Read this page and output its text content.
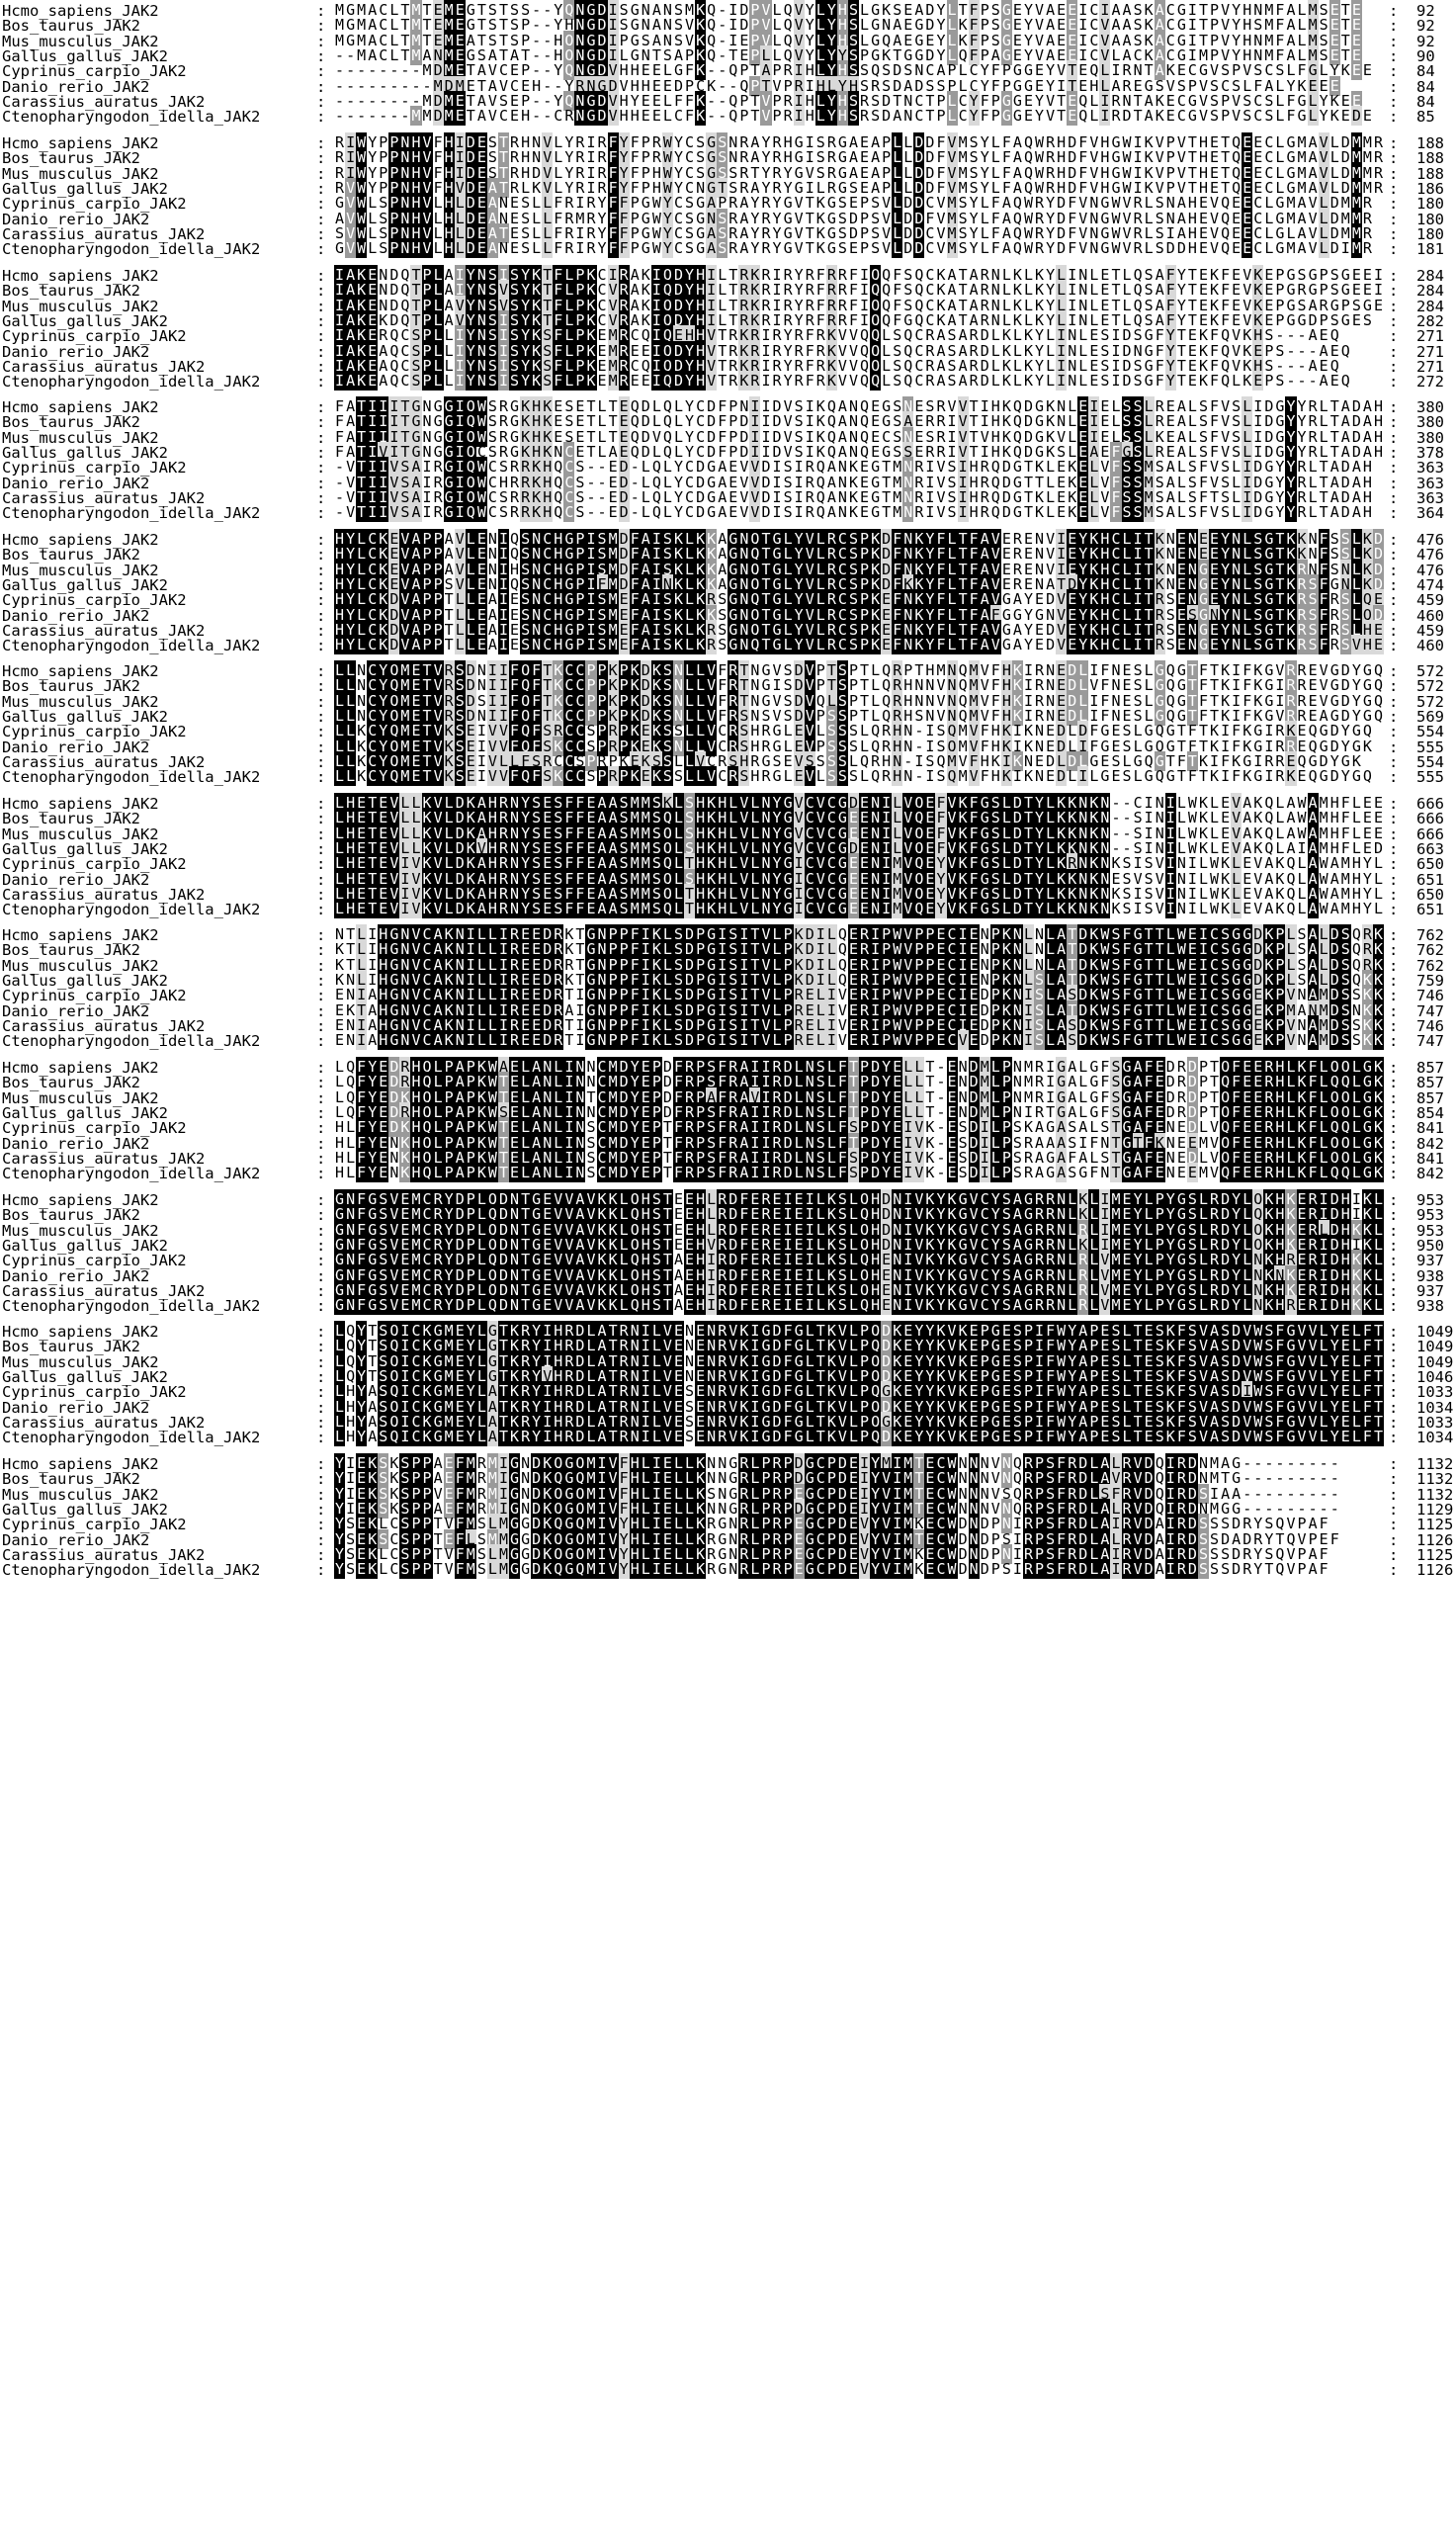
Hcmo_sapiens_JAK2	: M G M A C L T M T E M E G T S T S S - - Y Q N G D I S G N A N S M K Q - I D P V L Q V Y L Y H S L G K S E A D Y L T F P S G E Y V A E E I C I A A S K A C G I T P V Y H N M F A L M S E T E :  92
Bos_taurus_JAK2	: M G M A C L T M T E M E G T S T S P - - Y H N G D I S G N A N S V K Q - I D P V L Q V Y L Y H S L G N A E G D Y L K F P S G E Y V A E E I C V A A S K A C G I T P V Y H S M F A L M S E T E :  92
Mus_musculus_JAK2	: M G M A C L T M T E M E A T S T S P - - H Q N G D I P G S A N S V K Q - I E P V L Q V Y L Y H S L G Q A E G E Y L K F P S G E Y V A E E I C V A A S K A C G I T P V Y H N M F A L M S E T E :  92
Gallus_gallus_JAK2	: - - M A C L T M A N M E G S A T A T - - H Q N G D I L G N T S A P K Q - T E P L L Q V Y L Y Y S P G K T G G D Y L Q F P A G E Y V A E E I C V L A C K A C G I M P V Y H N M F A L M S E T E :  90
Cyprinus_carpio_JAK2	: - - - - - - - - M D M E T A V C E P - - Y Q N G D V H H E E L G F K - - Q P T A P R I H L Y H S S Q S D S N C A P L C Y F P G G E Y V T E Q L I R N T A K E C G V S P V S C S L F G L Y K E E :  84
Danio_rerio_JAK2	: - - - - - - - - - M D M E T A V C E H - - Y R N G D V H H E E D P C K - - Q P T V P R I H L Y H S R S D A D S S P L C Y F P G G E Y I T E H L A R E G S V S P V S C S L F A L Y K E E E	:  84
Carassius_auratus_JAK2	: - - - - - - - - M D M E T A V S E P - - Y Q N G D V H Y E E L F F K - - Q P T V P R I H L Y H S R S D T N C T P L C Y F P G G E Y V T E Q L I R N T A K E C G V S P V S C S L F G L Y K E E :  84
Ctenopharyngodon_idella_JAK2	: - - - - - - - M M D M E T A V C E H - - C R N G D V H H E E L C F K - - Q P T V P R I H L Y H S R S D A N C T P L C Y F P G G E Y V T E Q L I R D T A K E C G V S P V S C S L F G L Y K E D E :  85
Hcmo_sapiens_JAK2	: R I W Y P P N H V F H I D E S T R H N V L Y R I R F Y F P R W Y C S G S N R A Y R H G I S R G A E A P L L D D F V M S Y L F A Q W R H D F V H G W I K V P V T H E T Q E E C L G M A V L D M M R :  188
Bos_taurus_JAK2	: R I W Y P P N H V F H I D E S T R H N V L Y R I R F Y F P R W Y C S G S N R A Y R H G I S R G A E A P L L D D F V M S Y L F A Q W R H D F V H G W I K V P V T H E T Q E E C L G M A V L D M M R :  188
Mus_musculus_JAK2	: R I W Y P P N H V F H I D E S T R H D V L Y R I R F Y F P H W Y C S G S S R T Y R Y G V S R G A E A P L L D D F V M S Y L F A Q W R H D F V H G W I K V P V T H E T Q E E C L G M A V L D M M R :  188
Gallus_gallus_JAK2	: R V W Y P P N H V F H V D E A T R L K V L Y R I R F Y F P H W Y C N G T S R A Y R Y G I L R G S E A P L L D D F V M S Y L F A Q W R H D F V H G W I K V P V T H E T Q E E C L G M A V L D M M R :  186
Cyprinus_carpio_JAK2	: G V W L S P N H V L H L D E A N E S L L F R I R Y F F P G W Y C S G A P R A Y R Y G V T K G S E P S V L D D C V M S Y L F A Q W R Y D F V N G W V R L S N A H E V Q E E C L G M A V L D M M R :  180
Danio_rerio_JAK2	: A V W L S P N H V L H L D E A N E S L L F R M R Y F F P G W Y C S G N S R A Y R Y G V T K G S D P S V L D D F V M S Y L F A Q W R Y D F V N G W V R L S N A H E V Q E E C L G M A V L D M M R :  180
Carassius_auratus_JAK2	: S V W L S P N H V L H L D E A T E S L L F R I R Y F F P G W Y C S G A S R A Y R Y G V T K G S D P S V L D D C V M S Y L F A Q W R Y D F V N G W V R L S I A H E V Q E E C L G L A V L D M M R :  180
Ctenopharyngodon_idella_JAK2	: G V W L S P N H V L H L D E A N E S L L F R I R Y F F P G W Y C S G A S R A Y R Y G V T K G S E P S V L D D C V M S Y L F A Q W R Y D F V N G W V R L S D D H E V Q E E C L G M A V L D I M R :  181
Hcmo_sapiens_JAK2	: I A K E N D Q T P L A I Y N S I S Y K T F L P K C I R A K I Q D Y H I L T R K R I R Y R F R R F I Q Q F S Q C K A T A R N L K L K Y L I N L E T L Q S A F Y T E K F E V K E P G S G P S G E E I :  284
Bos_taurus_JAK2	: I A K E N D Q T P L A I Y N S V S Y K T F L P K C V R A K I Q D Y H I L T R K R I R Y R F R R F I Q Q F S Q C K A T A R N L K L K Y L I N L E T L Q S A F Y T E K F E V K E P G R G P S G E E I :  284
Mus_musculus_JAK2	: I A K E N D Q T P L A V Y N S V S Y K T F L P K C V R A K I Q D Y H I L T R K R I R Y R F R R F I Q Q F S Q C K A T A R N L K L K Y L I N L E T L Q S A F Y T E K F E V K E P G S A R G P S G E :  284
Gallus_gallus_JAK2	: I A K E K D Q T P L A V Y N S I S Y K T F L P K C V R A K I Q D Y H I L T R K R I R Y R F R R F I Q Q F G Q C K A T A R N L K L K Y L I N L E T L Q S A F Y T E K F E V K E P G G D P S G E S :  282
Cyprinus_carpio_JAK2	: I A K E R Q C S P L L I Y N S I S Y K S F L P K E M R C Q I Q E H H V T R K R I R Y R F R K V V Q Q L S Q C R A S A R D L K L K Y L I N L E S I D S G F Y T E K F Q V K H S - - - A E Q	:  271
Danio_rerio_JAK2	: I A K E A Q C S P L L I Y N S I S Y K S F L P K E M R E E I Q D Y H V T R K R I R Y R F R K V V Q Q L S Q C R A S A R D L K L K Y L I N L E S I D N G F Y T E K F Q V K E P S - - - A E Q	:  271
Carassius_auratus_JAK2	: I A K E A Q C S P L L I Y N S I S Y K S F L P K E M R C Q I Q D Y H V T R K R I R Y R F R K V V Q Q L S Q C R A S A R D L K L K Y L I N L E S I D S G F Y T E K F Q V K H S - - - A E Q	:  271
Ctenopharyngodon_idella_JAK2	: I A K E A Q C S P L L I Y N S I S Y K S F L P K E M R E E I Q D Y H V T R K R I R Y R F R K V V Q Q L S Q C R A S A R D L K L K Y L I N L E S I D S G F Y T E K F Q L K E P S - - - A E Q	:  272
Hcmo_sapiens_JAK2	: F A T I I I T G N G G I Q W S R G K H K E S E T L T E Q D L Q L Y C D F P N I I D V S I K Q A N Q E G S N E S R V V T I H K Q D G K N L E I E L S S L R E A L S F V S L I D G Y Y R L T A D A H :  380
Bos_taurus_JAK2	: F A T I I I T G N G G I Q W S R G K H K E S E T L T E Q D L Q L Y C D F P D I I D V S I K Q A N Q E G S A E R R I V T I H K Q D G K N L E I E L S S L R E A L S F V S L I D G Y Y R L T A D A H :  380
Mus_musculus_JAK2	: F A T I I I T G N G G I Q W S R G K H K E S E T L T E Q D V Q L Y C D F P D I I D V S I K Q A N Q E C S N E S R I V T V H K Q D G K V L E I E L S S L K E A L S F V S L I D G Y Y R L T A D A H :  380
Gallus_gallus_JAK2	: F A T I V I T G N G G I Q C S R G K H K N C E T L A E Q D L Q L Y C D F P D I I D V S I K Q A N Q E G S S E R R I V T I H K Q D G K S L E A E F G S L R E A L S F V S L I D G Y Y R L T A D A H :  378
Cyprinus_carpio_JAK2	: - V T I I V S A I R G I Q W C S R R K H Q C S - - E D - L Q L Y C D G A E V V D I S I R Q A N K E G T M N R I V S I H R Q D G T K L E K E L V F S S M S A L S F V S L I D G Y Y R L T A D A H :  363
Danio_rerio_JAK2	: - V T I I V S A I R G I Q W C H R R K H Q C S - - E D - L Q L Y C D G A E V V D I S I R Q A N K E G T M N R I V S I H R Q D G T T L E K E L V F S S M S A L S F V S L I D G Y Y R L T A D A H :  363
Carassius_auratus_JAK2	: - V T I I V S A I R G I Q W C S R R K H Q C S - - E D - L Q L Y C D G A E V V D I S I R Q A N K E G T M N R I V S I H R Q D G T K L E K E L V F S S M S A L S F T S L I D G Y Y R L T A D A H :  363
Ctenopharyngodon_idella_JAK2	: - V T I I V S A I R G I Q W C S R R K H Q C S - - E D - L Q L Y C D G A E V V D I S I R Q A N K E G T M N R I V S I H R Q D G T K L E K E L V F S S M S A L S F V S L I D G Y Y R L T A D A H :  364
Hcmo_sapiens_JAK2	: H Y L C K E V A P P A V L E N I Q S N C H G P I S M D F A I S K L K K A G N Q T G L Y V L R C S P K D F N K Y F L T F A V E R E N V I E Y K H C L I T K N E N E E Y N L S G T K K N F S S L K D :  476
Bos_taurus_JAK2	: H Y L C K E V A P P A V L E N I Q S N C H G P I S M D F A I S K L K K A G N Q T G L Y V L R C S P K D F N K Y F L T F A V E R E N V I E Y K H C L I T K N E N E E Y N L S G T K K N F S S L K D :  476
Mus_musculus_JAK2	: H Y L C K E V A P P A V L E N I H S N C H G P I S M D F A I S K L K K A G N Q T G L Y V L R C S P K D F N K Y F L T F A V E R E N V I E Y K H C L I T K N E N G E Y N L S G T K R N F S N L K D :  476
Gallus_gallus_JAK2	: H Y L C K E V A P P S V L E N I Q S N C H G P I F M D F A I N K L K K A G N Q T G L Y V L R C S P K D F K K Y F L T F A V E R E N A T D Y K H C L I T K N E N G E Y N L S G T K R S F G N L K D :  474
Cyprinus_carpio_JAK2	: H Y L C K D V A P P T L L E A I E S N C H G P I S M E F A I S K L K R S G N Q T G L Y V L R C S P K E F N K Y F L T F A V G A Y E D V E Y K H C L I T R S E N G E Y N L S G T K R S F R S L Q E :  459
Danio_rerio_JAK2	: H Y L C K D V A P P T L L E A I E S N C H G P I S M E F A I S K L K K S G N Q T G L Y V L R C S P K E F N K Y F L T F A F G G Y G N V E Y K H C L I T R S E S G N Y N L S G T K R S F R S L Q D :  460
Carassius_auratus_JAK2	: H Y L C K D V A P P T L L E A I E S N C H G P I S M E F A I S K L K R S G N Q T G L Y V L R C S P K E F N K Y F L T F A V G A Y E D V E Y K H C L I T R S E N G E Y N L S G T K R S F R S L H E :  459
Ctenopharyngodon_idella_JAK2	: H Y L C K D V A P P T L L E A I E S N C H G P I S M E F A I S K L K R S G N Q T G L Y V L R C S P K E F N K Y F L T F A V G A Y E D V E Y K H C L I T R S E N G E Y N L S G T K R S F R S V H E :  460
Hcmo_sapiens_JAK2	: L L N C Y Q M E T V R S D N I I F Q F T K C C P P K P K D K S N L L V F R T N G V S D V P T S P T L Q R P T H M N Q M V F H K I R N E D L I F N E S L G Q G T F T K I F K G V R R E V G D Y G Q :  572
Bos_taurus_JAK2	: L L N C Y Q M E T V R S D N I I F Q F T K C C P P K P K D K S N L L V F R T N G I S D V P T S P T L Q R H N N V N Q M V F H K I R N E D L V F N E S L G Q G T F T K I F K G I R R E V G D Y G Q :  572
Mus_musculus_JAK2	: L L N C Y Q M E T V R S D S I I F Q F T K C C P P K P K D K S N L L V F R T N G V S D V Q L S P T L Q R H N N V N Q M V F H K I R N E D L I F N E S L G Q G T F T K I F K G I R R E V G D Y G Q :  572
Gallus_gallus_JAK2	: L L N C Y Q M E T V R S D N I I F Q F T K C C P P K P K D K S N L L V F R S N S V S D V P S S P T L Q R H S N V N Q M V F H K I R N E D L I F N E S L G Q G T F T K I F K G V R R E A G D Y G Q :  569
Cyprinus_carpio_JAK2	: L L K C Y Q M E T V K S E I V V F Q F S R C C S P R P K E K S S L L V C R S H R G L E V L S S S L Q R H N - I S Q M V F H K I K N E D L D F G E S L G Q G T F T K I F K G I R K E Q G D Y G Q :  554
Danio_rerio_JAK2	: L L K C Y Q M E T V K S E I V V F Q F S K C C S P R P K E K S N L L V C R S H R G L E V P S S S L Q R H N - I S Q M V F H K I K N E D L I F G E S L G Q G T F T K I F K G I R R E Q G D Y G K :  555
Carassius_auratus_JAK2	: L L K C Y Q M E T V K S E I V L L F S R C C S P R P K E K S S L L V C R S H R G S E V S S S S L Q R H N - I S Q M V F H K I K N E D L D L G E S L G Q G T F T K I F K G I R R E Q G D Y G K :  554
Ctenopharyngodon_idella_JAK2	: L L K C Y Q M E T V K S E I V V F Q F S K C C S P R P K E K S S L L V C R S H R G L E V L S S S L Q R H N - I S Q M V F H K I K N E D L I L G E S L G Q G T F T K I F K G I R K E Q G D Y G Q :  555
Hcmo_sapiens_JAK2	: L H E T E V L L K V L D K A H R N Y S E S F F E A A S M M S K L S H K H L V L N Y G V C V C G D E N I L V Q E F V K F G S L D T Y L K K N K N - - C I N I L W K L E V A K Q L A W A M H F L E E :  666
Bos_taurus_JAK2	: L H E T E V L L K V L D K A H R N Y S E S F F E A A S M M S Q L S H K H L V L N Y G V C V C G E E N I L V Q E F V K F G S L D T Y L K K N K N - - S I N I L W K L E V A K Q L A W A M H F L E E :  666
Mus_musculus_JAK2	: L H E T E V L L K V L D K A H R N Y S E S F F E A A S M M S Q L S H K H L V L N Y G V C V C G E E N I L V Q E F V K F G S L D T Y L K K N K N - - S I N I L W K L E V A K Q L A W A M H F L E E :  666
Gallus_gallus_JAK2	: L H E T E V L L K V L D K V H R N Y S E S F F E A A S M M S Q L S H K H L V L N Y G V C V C G D E N I L V Q E F V K F G S L D T Y L K K N K N - - S I N I L W K L E V A K Q L A I A M H F L E D :  663
Cyprinus_carpio_JAK2	: L H E T E V I V K V L D K A H R N Y S E S F F E A A S M M S Q L T H K H L V L N Y G I C V C G E E N I M V Q E Y V K F G S L D T Y L K R N K N K S I S V I N I L W K L E V A K Q L A W A M H Y L :  650
Danio_rerio_JAK2	: L H E T E V I V K V L D K A H R N Y S E S F F E A A S M M S Q L S H K H L V L N Y G I C V C G E E N I M V Q E Y V K F G S L D T Y L K K N K N E S V S V I N I L W K L E V A K Q L A W A M H Y L :  651
Carassius_auratus_JAK2	: L H E T E V I V K V L D K A H R N Y S E S F F E A A S M M S Q L T H K H L V L N Y G I C V C G E E N I M V Q E Y V K F G S L D T Y L K K N K N K S I S V I N I L W K L E V A K Q L A W A M H Y L :  650
Ctenopharyngodon_idella_JAK2	: L H E T E V I V K V L D K A H R N Y S E S F F E A A S M M S Q L T H K H L V L N Y G I C V C G E E N I M V Q E Y V K F G S L D T Y L K K N K N K S I S V I N I L W K L E V A K Q L A W A M H Y L :  651
Hcmo_sapiens_JAK2	: N T L I H G N V C A K N I L L I R E E D R K T G N P P F I K L S D P G I S I T V L P K D I L Q E R I P W V P P E C I E N P K N L N L A T D K W S F G T T L W E I C S G G D K P L S A L D S Q R K :  762
Bos_taurus_JAK2	: K T L I H G N V C A K N I L L I R E E D R K T G N P P F I K L S D P G I S I T V L P K D I L Q E R I P W V P P E C I E N P K N L N L A T D K W S F G T T L W E I C S G G D K P L S A L D S Q R K :  762
Mus_musculus_JAK2	: K T L I H G N V C A K N I L L I R E E D R R T G N P P F I K L S D P G I S I T V L P K D I L Q E R I P W V P P E C I E N P K N L N L A T D K W S F G T T L W E I C S G G D K P L S A L D S Q R K :  762
Gallus_gallus_JAK2	: K N L I H G N V C A K N I L L I R E E D R K T G N P P F I K L S D P G I S I T V L P K D I L Q E R I P W V P P E C I E N P K N L S L A T D K W S F G T T L W E I C S G G D K P L S A L D S Q K K :  759
Cyprinus_carpio_JAK2	: E N I A H G N V C A K N I L L I R E E D R T I G N P P F I K L S D P G I S I T V L P R E L I V E R I P W V P P E C I E D P K N I S L A S D K W S F G T T L W E I C S G G E K P V N A M D S S K K :  746
Danio_rerio_JAK2	: E K T A H G N V C A K N I L L I R E E D R A I G N P P F I K L S D P G I S I T V L P R E L I V E R I P W V P P E C I E D P K N I S L A T D K W S F G T T L W E I C S G G E K P M A N M D S N K K :  747
Carassius_auratus_JAK2	: E N I A H G N V C A K N I L L I R E E D R T I G N P P F I K L S D P G I S I T V L P R E L I V E R I P W V P P E C I E D P K N I S L A S D K W S F G T T L W E I C S G G E K P V N A M D S S K K :  746
Ctenopharyngodon_idella_JAK2	: E N I A H G N V C A K N I L L I R E E D R T I G N P P F I K L S D P G I S I T V L P R E L I V E R I P W V P P E C V E D P K N I S L A S D K W S F G T T L W E I C S G G E K P V N A M D S S K K :  747
Hcmo_sapiens_JAK2	: L Q F Y E D R H Q L P A P K W A E L A N L I N N C M D Y E P D F R P S F R A I I R D L N S L F T P D Y E L L T - E N D M L P N M R I G A L G F S G A F E D R D P T Q F E E R H L K F L Q Q L G K :  857
Bos_taurus_JAK2	: L Q F Y E D R H Q L P A P K W T E L A N L I N N C M D Y E P D F R P S F R A I I R D L N S L F T P D Y E L L T - E N D M L P N M R I G A L G F S G A F E D R D P T Q F E E R H L K F L Q Q L G K :  857
Mus_musculus_JAK2	: L Q F Y E D K H Q L P A P K W T E L A N L I N T C M D Y E P D F R P A F R A V I R D L N S L F T P D Y E L L T - E N D M L P N M R I G A L G F S G A F E D R D P T Q F E E R H L K F L Q Q L G K :  857
Gallus_gallus_JAK2	: L Q F Y E D R H Q L P A P K W S E L A N L I N N C M D Y E P D F R P S F R A I I R D L N S L F T P D Y E L L T - E N D M L P N I R T G A L G F S G A F E D R D P T Q F E E R H L K F L Q Q L G K :  854
Cyprinus_carpio_JAK2	: H L F Y E D K H Q L P A P K W T E L A N L I N S C M D Y E P T F R P S F R A I I R D L N S L F S P D Y E I V K - E S D I L P S K A G A S A L S T G A F E N E D L V Q F E E R H L K F L Q Q L G K :  841
Danio_rerio_JAK2	: H L F Y E N K H Q L P A P K W T E L A N L I N S C M D Y E P T F R P S F R A I I R D L N S L F T P D Y E I V K - E S D I L P S R A A A S I F N T G T F K N E E M V Q F E E R H L K F L Q Q L G K :  842
Carassius_auratus_JAK2	: H L F Y E N K H Q L P A P K W T E L A N L I N S C M D Y E P T F R P S F R A I I R D L N S L F S P D Y E I V K - E S D I L P S R A G A F A L S T G A F E N E D L V Q F E E R H L K F L Q Q L G K :  841
Ctenopharyngodon_idella_JAK2	: H L F Y E N K H Q L P A P K W T E L A N L I N S C M D Y E P T F R P S F R A I I R D L N S L F S P D Y E I V K - E S D I L P S R A G A S G F N T G A F E N E E M V Q F E E R H L K F L Q Q L G K :  842
Hcmo_sapiens_JAK2	: G N F G S V E M C R Y D P L Q D N T G E V V A V K K L Q H S T E E H L R D F E R E I E I L K S L Q H D N I V K Y K G V C Y S A G R R N L K L I M E Y L P Y G S L R D Y L Q K H K E R I D H I K L :  953
Bos_taurus_JAK2	: G N F G S V E M C R Y D P L Q D N T G E V V A V K K L Q H S T E E H L R D F E R E I E I L K S L Q H D N I V K Y K G V C Y S A G R R N L K L I M E Y L P Y G S L R D Y L Q K H K E R I D H I K L :  953
Mus_musculus_JAK2	: G N F G S V E M C R Y D P L Q D N T G E V V A V K K L Q H S T E E H L R D F E R E I E I L K S L Q H D N I V K Y K G V C Y S A G R R N L R L I M E Y L P Y G S L R D Y L Q K H K E R L D H K K L :  953
Gallus_gallus_JAK2	: G N F G S V E M C R Y D P L Q D N T G E V V A V K K L Q H S T E E H V R D F E R E I E I L K S L Q H D N I V K Y K G V C Y S A G R R N L K L I M E Y L P Y G S L R D Y L Q K H K E R I D H I K L :  950
Cyprinus_carpio_JAK2	: G N F G S V E M C R Y D P L Q D N T G E V V A V K K L Q H S T A E H I R D F E R E I E I L K S L Q H E N I V K Y K G V C Y S A G R R N L R L V M E Y L P Y G S L R D Y L N K H R E R I D H K K L :  937
Danio_rerio_JAK2	: G N F G S V E M C R Y D P L Q D N T G E V V A V K K L Q H S T A E H I R D F E R E I E I L K S L Q H E N I V K Y K G V C Y S A G R R N L R L V M E Y L P Y G S L R D Y L N K N K E R I D H K K L :  938
Carassius_auratus_JAK2	: G N F G S V E M C R Y D P L Q D N T G E V V A V K K L Q H S T A E H I R D F E R E I E I L K S L Q H E N I V K Y K G V C Y S A G R R N L R L V M E Y L P Y G S L R D Y L N K H K E R I D H K K L :  937
Ctenopharyngodon_idella_JAK2	: G N F G S V E M C R Y D P L Q D N T G E V V A V K K L Q H S T A E H I R D F E R E I E I L K S L Q H E N I V K Y K G V C Y S A G R R N L R L V M E Y L P Y G S L R D Y L N K H R E R I D H K K L :  938
Hcmo_sapiens_JAK2	: L Q Y T S Q I C K G M E Y L G T K R Y I H R D L A T R N I L V E N E N R V K I G D F G L T K V L P Q D K E Y Y K V K E P G E S P I F W Y A P E S L T E S K F S V A S D V W S F G V V L Y E L F T :  1049
Bos_taurus_JAK2	: L Q Y T S Q I C K G M E Y L G T K R Y I H R D L A T R N I L V E N E N R V K I G D F G L T K V L P Q D K E Y Y K V K E P G E S P I F W Y A P E S L T E S K F S V A S D V W S F G V V L Y E L F T :  1049
Mus_musculus_JAK2	: L Q Y T S Q I C K G M E Y L G T K R Y I H R D L A T R N I L V E N E N R V K I G D F G L T K V L P Q D K E Y Y K V K E P G E S P I F W Y A P E S L T E S K F S V A S D V W S F G V V L Y E L F T :  1049
Gallus_gallus_JAK2	: L Q Y T S Q I C K G M E Y L G T K R Y V H R D L A T R N I L V E N E N R V K I G D F G L T K V L P Q D K E Y Y K V K E P G E S P I F W Y A P E S L T E S K F S V A S D V W S F G V V L Y E L F T :  1046
Cyprinus_carpio_JAK2	: L H Y A S Q I C K G M E Y L A T K R Y I H R D L A T R N I L V E S E N R V K I G D F G L T K V L P Q G K E Y Y K V K E P G E S P I F W Y A P E S L T E S K F S V A S D I W S F G V V L Y E L F T :  1033
Danio_rerio_JAK2	: L H Y A S Q I C K G M E Y L A T K R Y I H R D L A T R N I L V E S E N R V K I G D F G L T K V L P Q D K E Y Y K V K E P G E S P I F W Y A P E S L T E S K F S V A S D V W S F G V V L Y E L F T :  1034
Carassius_auratus_JAK2	: L H Y A S Q I C K G M E Y L A T K R Y I H R D L A T R N I L V E S E N R V K I G D F G L T K V L P Q G K E Y Y K V K E P G E S P I F W Y A P E S L T E S K F S V A S D V W S F G V V L Y E L F T :  1033
Ctenopharyngodon_idella_JAK2	: L H Y A S Q I C K G M E Y L A T K R Y I H R D L A T R N I L V E S E N R V K I G D F G L T K V L P Q D K E Y Y K V K E P G E S P I F W Y A P E S L T E S K F S V A S D V W S F G V V L Y E L F T :  1034
Hcmo_sapiens_JAK2	: Y I E K S K S P P A E F M R M I G N D K Q G Q M I V F H L I E L L K N N G R L P R P D G C P D E I Y M I M T E C W N N N V N Q R P S F R D L A L R V D Q I R D N M A G - - - - - - - - -	:  1132
Bos_taurus_JAK2	: Y I E K S K S P P A E F M R M I G N D K Q G Q M I V F H L I E L L K N N G R L P R P D G C P D E I Y V I M T E C W N N N V N Q R P S F R D L A V R V D Q I R D N M T G - - - - - - - - -	:  1132
Mus_musculus_JAK2	: Y I E K S K S P P V E F M R M I G N D K Q G Q M I V F H L I E L L K S N G R L P R P E G C P D E I Y V I M T E C W N N N V S Q R P S F R D L S F R V D Q I R D S I A A - - - - - - - - -	:  1132
Gallus_gallus_JAK2	: Y I E K S K S P P A E F M R M I G N D K Q G Q M I V F H L I E L L K N N G R L P R P D G C P D E I Y V I M T E C W N N N V N Q R P S F R D L A L R V D Q I R D N M G G - - - - - - - - -	:  1129
Cyprinus_carpio_JAK2	: Y S E K L C S P P T V F M S L M G G D K Q G Q M I V Y H L I E L L K R G N R L P R P E G C P D E V Y V I M K E C W D N D P N I R P S F R D L A I R V D A I R D S S S D R Y S Q V P A F	:  1125
Danio_rerio_JAK2	: Y S E K S C S P P T E F L S M M G G D K Q G Q M I V Y H L I E L L K R G N R L P R P E G C P D E V Y V I M T E C W D N D P S I R P S F R D L A L R V D A I R D S S D A D R Y T Q V P E F	:  1126
Carassius_auratus_JAK2	: Y S E K L C S P P T V F M S L M G G D K Q G Q M I V Y H L I E L L K R G N R L P R P E G C P D E V Y V I M K E C W D N D P N I R P S F R D L A I R V D A I R D S S S D R Y S Q V P A F	:  1125
Ctenopharyngodon_idella_JAK2	: Y S E K L C S P P T V F M S L M G G D K Q G Q M I V Y H L I E L L K R G N R L P R P E G C P D E V Y V I M K E C W D N D P S I R P S F R D L A I R V D A I R D S S S D R Y T Q V P A F	:  1126
